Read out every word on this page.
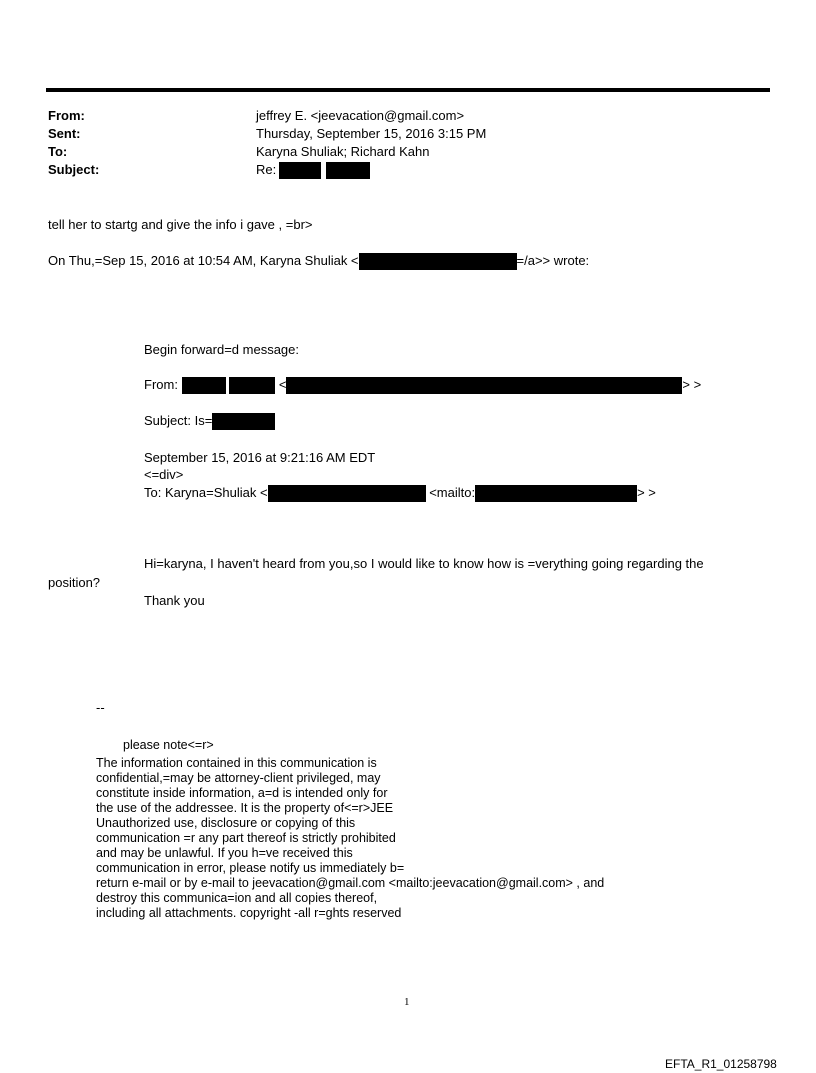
From:	jeffrey E. <jeevacation@gmail.com>
Sent:	Thursday, September 15, 2016 3:15 PM
To:	Karyna Shuliak; Richard Kahn
Subject:	Re:
tell her to startg and give the info i gave , =br>
On Thu,=Sep 15, 2016 at 10:54 AM, Karyna Shuliak <	=/a>> wrote:
Begin forward=d message:
From:	<	> >
Subject: Is=
September 15, 2016 at 9:21:16 AM EDT
<=div>
To: Karyna=Shuliak <	<mailto:	> >
Hi=karyna, I haven't heard from you,so I would like to know how is =verything going regarding the
position?
Thank you
--
please note<=r>
The information contained in this communication is
confidential,=may be attorney-client privileged, may
constitute inside information, a=d is intended only for
the use of the addressee. It is the property of<=r>JEE
Unauthorized use, disclosure or copying of this
communication =r any part thereof is strictly prohibited
and may be unlawful. If you h=ve received this
communication in error, please notify us immediately b=
return e-mail or by e-mail to jeevacation@gmail.com <mailto:jeevacation@gmail.com> , and
destroy this communica=ion and all copies thereof,
including all attachments. copyright -all r=ghts reserved
1
EFTA_R1_01258798
